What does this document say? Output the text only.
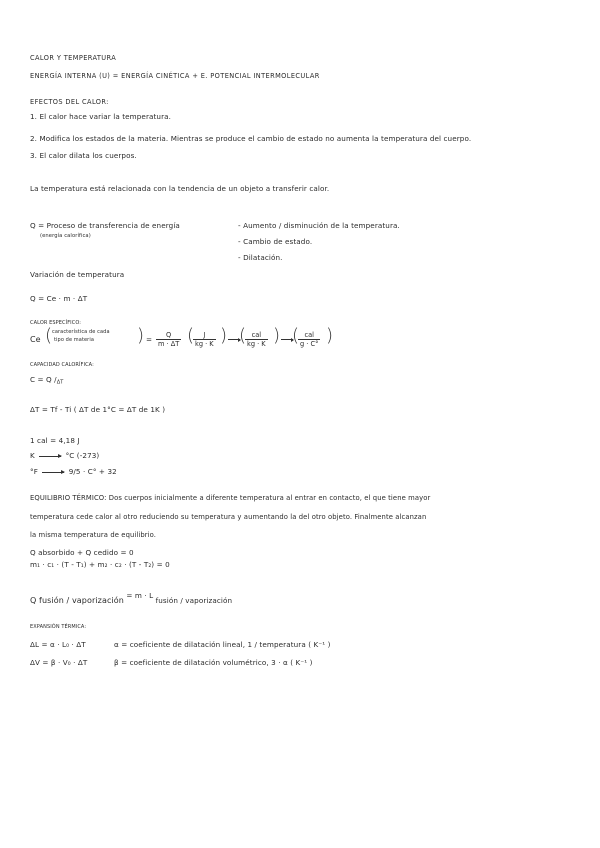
CALOR Y TEMPERATURA
ENERGÍA INTERNA (U) = ENERGÍA CINÉTICA + E. POTENCIAL INTERMOLECULAR
EFECTOS DEL CALOR:
1. El calor hace variar la temperatura.
2. Modifica los estados de la materia. Mientras se produce el cambio de estado no aumenta la temperatura del cuerpo.
3. El calor dilata los cuerpos.
La temperatura está relacionada con la tendencia de un objeto a transferir calor.
Q = Proceso de transferencia de energía
(energía calorífica)
- Aumento / disminución de la temperatura.
- Cambio de estado.
- Dilatación.
Variación de temperatura
Q = Ce · m · ΔT
CALOR ESPECÍFICO:
Ce ( característica de cada
tipo de materia ) = $\frac{Q}{m \cdot \Delta T}$ (
$\frac{J}{kg \cdot K}$ ) ( cal
kg · K ) ( cal
g · C° )
CAPACIDAD CALORÍFICA:
C = Q $/_{\Delta T}$
ΔT = Tf - Ti ( ΔT de 1°C = ΔT de 1K )
1 cal = 4,18 J
K	°C (-273)
°F	9/5 · C° + 32
EQUILIBRIO TÉRMICO: Dos cuerpos inicialmente a diferente temperatura al entrar en contacto, el que tiene mayor
temperatura cede calor al otro reduciendo su temperatura y aumentando la del otro objeto. Finalmente alcanzan
la misma temperatura de equilibrio.
Q absorbido + Q cedido = 0
m₁ · c₁ · (T - T₁) + m₂ · c₂ · (T - T₂) = 0
Q fusión / vaporización = m · L fusión / vaporización
EXPANSIÓN TÉRMICA:
ΔL = α · L₀ · ΔT	α = coeficiente de dilatación lineal, 1 / temperatura ( K⁻¹ )
ΔV = β · V₀ · ΔT	β = coeficiente de dilatación volumétrico, 3 · α ( K⁻¹ )
